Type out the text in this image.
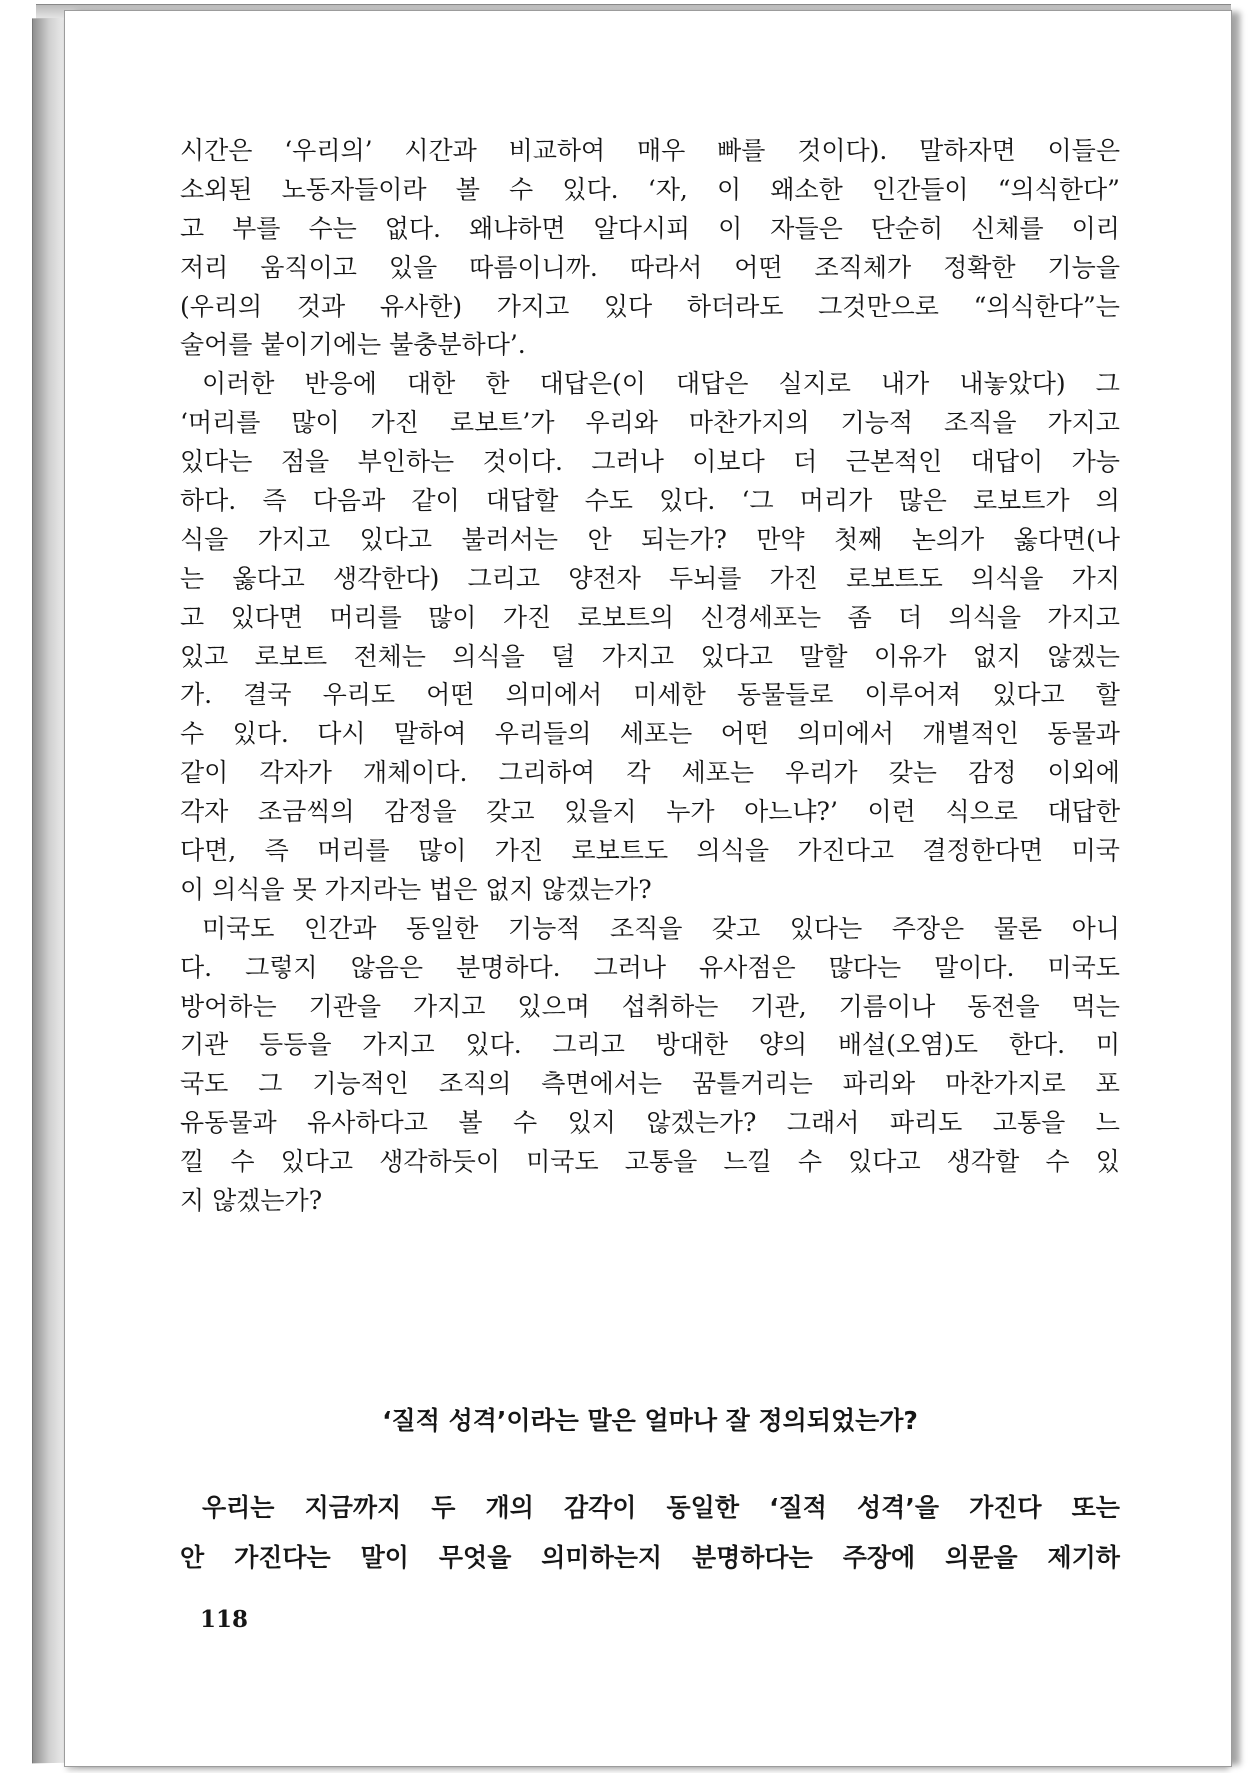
시간은 ‘우리의’ 시간과 비교하여 매우 빠를 것이다). 말하자면 이들은
소외된 노동자들이라 볼 수 있다. ‘자, 이 왜소한 인간들이 “의식한다”
고 부를 수는 없다. 왜냐하면 알다시피 이 자들은 단순히 신체를 이리
저리 움직이고 있을 따름이니까. 따라서 어떤 조직체가 정확한 기능을
(우리의 것과 유사한) 가지고 있다 하더라도 그것만으로 “의식한다”는
술어를 붙이기에는 불충분하다’.
이러한 반응에 대한 한 대답은(이 대답은 실지로 내가 내놓았다) 그
‘머리를 많이 가진 로보트’가 우리와 마찬가지의 기능적 조직을 가지고
있다는 점을 부인하는 것이다. 그러나 이보다 더 근본적인 대답이 가능
하다. 즉 다음과 같이 대답할 수도 있다. ‘그 머리가 많은 로보트가 의
식을 가지고 있다고 불러서는 안 되는가? 만약 첫째 논의가 옳다면(나
는 옳다고 생각한다) 그리고 양전자 두뇌를 가진 로보트도 의식을 가지
고 있다면 머리를 많이 가진 로보트의 신경세포는 좀 더 의식을 가지고
있고 로보트 전체는 의식을 덜 가지고 있다고 말할 이유가 없지 않겠는
가. 결국 우리도 어떤 의미에서 미세한 동물들로 이루어져 있다고 할
수 있다. 다시 말하여 우리들의 세포는 어떤 의미에서 개별적인 동물과
같이 각자가 개체이다. 그리하여 각 세포는 우리가 갖는 감정 이외에
각자 조금씩의 감정을 갖고 있을지 누가 아느냐?’ 이런 식으로 대답한
다면, 즉 머리를 많이 가진 로보트도 의식을 가진다고 결정한다면 미국
이 의식을 못 가지라는 법은 없지 않겠는가?
미국도 인간과 동일한 기능적 조직을 갖고 있다는 주장은 물론 아니
다. 그렇지 않음은 분명하다. 그러나 유사점은 많다는 말이다. 미국도
방어하는 기관을 가지고 있으며 섭취하는 기관, 기름이나 동전을 먹는
기관 등등을 가지고 있다. 그리고 방대한 양의 배설(오염)도 한다. 미
국도 그 기능적인 조직의 측면에서는 꿈틀거리는 파리와 마찬가지로 포
유동물과 유사하다고 볼 수 있지 않겠는가? 그래서 파리도 고통을 느
낄 수 있다고 생각하듯이 미국도 고통을 느낄 수 있다고 생각할 수 있
지 않겠는가?
‘질적 성격’이라는 말은 얼마나 잘 정의되었는가?
우리는 지금까지 두 개의 감각이 동일한 ‘질적 성격’을 가진다 또는
안 가진다는 말이 무엇을 의미하는지 분명하다는 주장에 의문을 제기하
118
